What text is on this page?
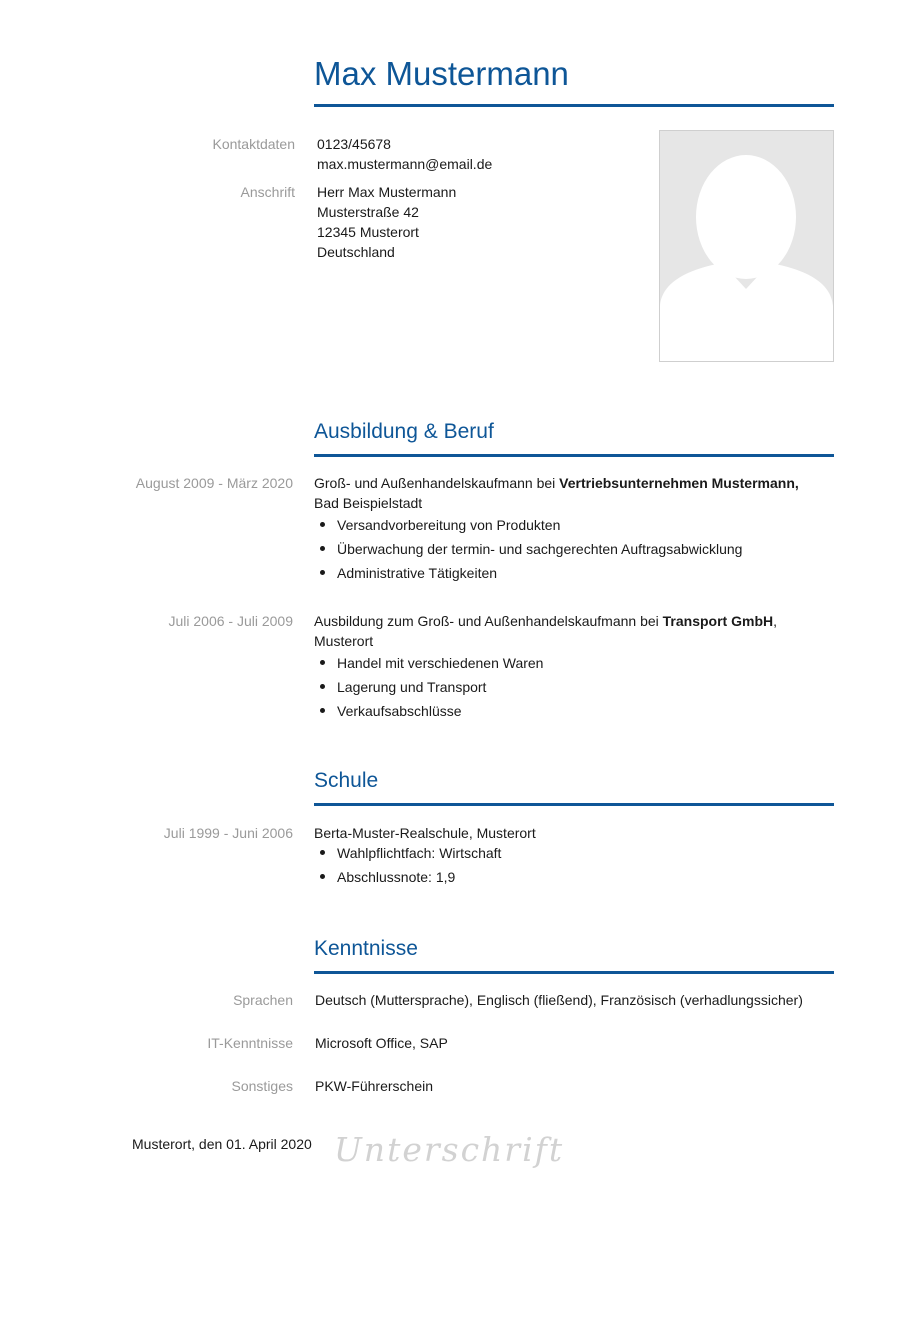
Max Mustermann
Kontaktdaten 0123/45678
max.mustermann@email.de
Anschrift Herr Max Mustermann
Musterstraße 42
12345 Musterort
Deutschland
Ausbildung & Beruf
August 2009 - März 2020 Groß- und Außenhandelskaufmann bei Vertriebsunternehmen Mustermann,
Bad Beispielstadt
Versandvorbereitung von Produkten
Überwachung der termin- und sachgerechten Auftragsabwicklung
Administrative Tätigkeiten
Juli 2006 - Juli 2009 Ausbildung zum Groß- und Außenhandelskaufmann bei Transport GmbH,
Musterort
Handel mit verschiedenen Waren
Lagerung und Transport
Verkaufsabschlüsse
Schule
Juli 1999 - Juni 2006 Berta-Muster-Realschule, Musterort
Wahlpflichtfach: Wirtschaft
Abschlussnote: 1,9
Kenntnisse
Sprachen Deutsch (Muttersprache), Englisch (fließend), Französisch (verhadlungssicher)
IT-Kenntnisse Microsoft Office, SAP
Sonstiges PKW-Führerschein
Musterort, den 01. April 2020 Unterschrift
